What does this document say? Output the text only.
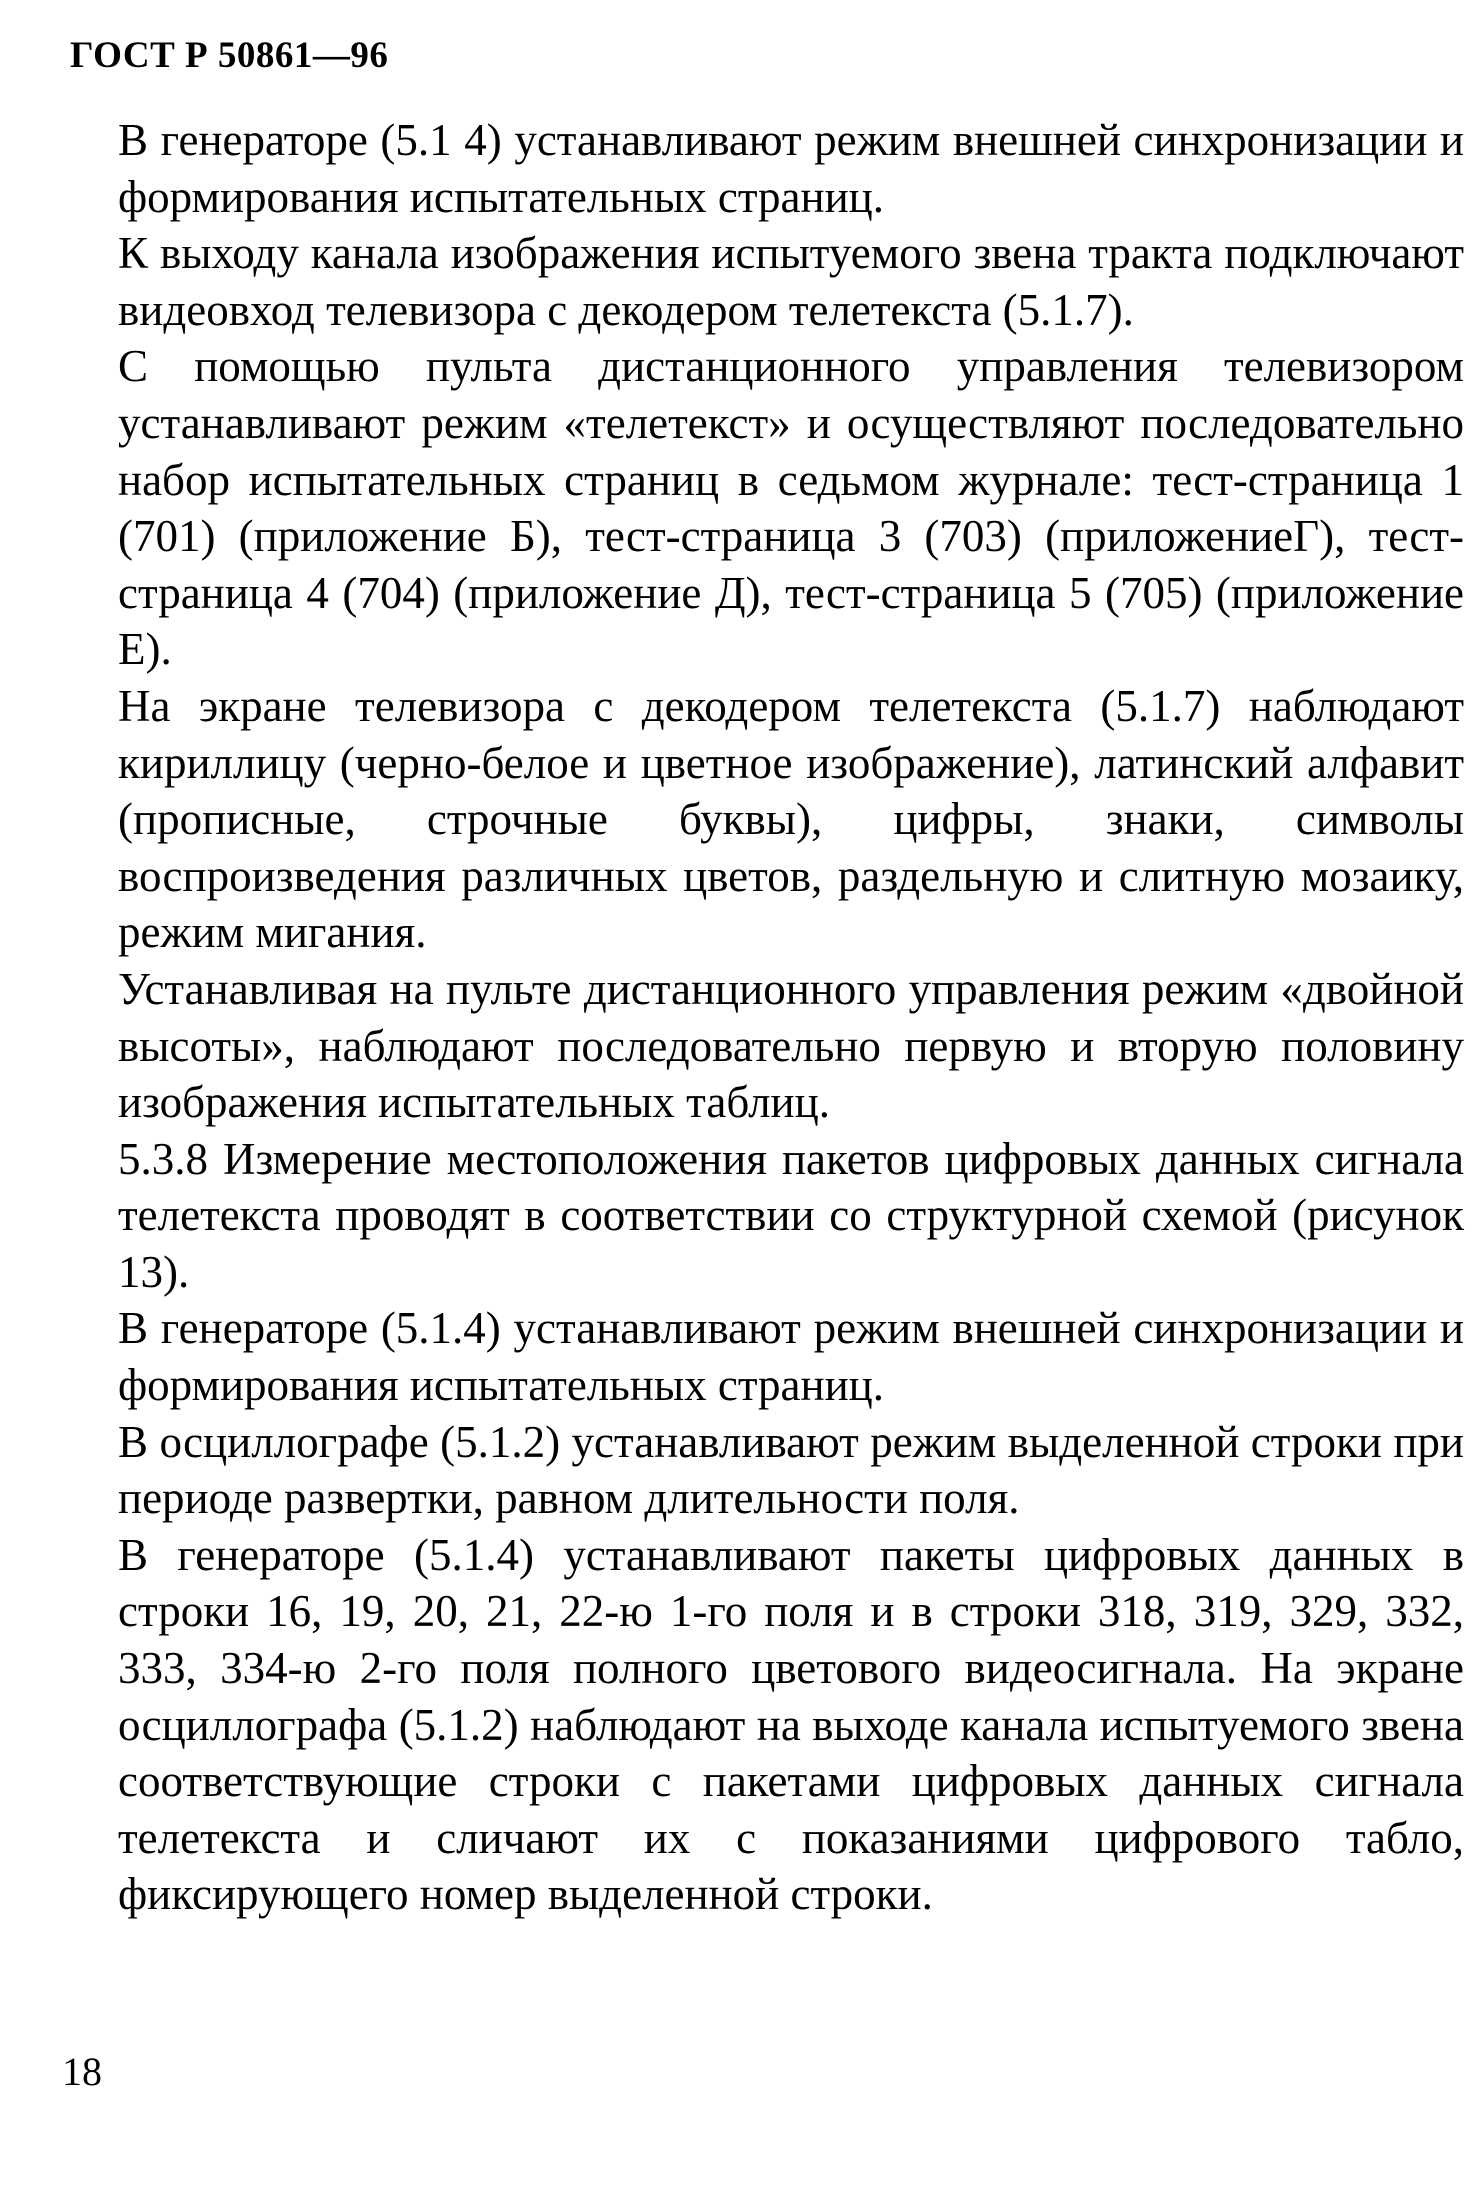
ГОСТ Р 50861—96

В генераторе (5.1 4) устанавливают режим внешней синхронизации и формирования испытательных страниц.

К выходу канала изображения испытуемого звена тракта подключают видеовход телевизора с декодером телетекста (5.1.7).

С помощью пульта дистанционного управления телевизором устанавливают режим «телетекст» и осуществляют последовательно набор испытательных страниц в седьмом журнале: тест-страница 1 (701) (приложение Б), тест-страница 3 (703) (приложениеГ), тест-страница 4 (704) (приложение Д), тест-страница 5 (705) (приложение Е).

На экране телевизора с декодером телетекста (5.1.7) наблюдают кириллицу (черно-белое и цветное изображение), латинский алфавит (прописные, строчные буквы), цифры, знаки, символы воспроизведения различных цветов, раздельную и слитную мозаику, режим мигания.

Устанавливая на пульте дистанционного управления режим «двойной высоты», наблюдают последовательно первую и вторую половину изображения испытательных таблиц.

5.3.8 Измерение местоположения пакетов цифровых данных сигнала телетекста проводят в соответствии со структурной схемой (рисунок 13).

В генераторе (5.1.4) устанавливают режим внешней синхронизации и формирования испытательных страниц.

В осциллографе (5.1.2) устанавливают режим выделенной строки при периоде развертки, равном длительности поля.

В генераторе (5.1.4) устанавливают пакеты цифровых данных в строки 16, 19, 20, 21, 22-ю 1-го поля и в строки 318, 319, 329, 332, 333, 334-ю 2-го поля полного цветового видеосигнала. На экране осциллографа (5.1.2) наблюдают на выходе канала испытуемого звена соответствующие строки с пакетами цифровых данных сигнала телетекста и сличают их с показаниями цифрового табло, фиксирующего номер выделенной строки.

18
